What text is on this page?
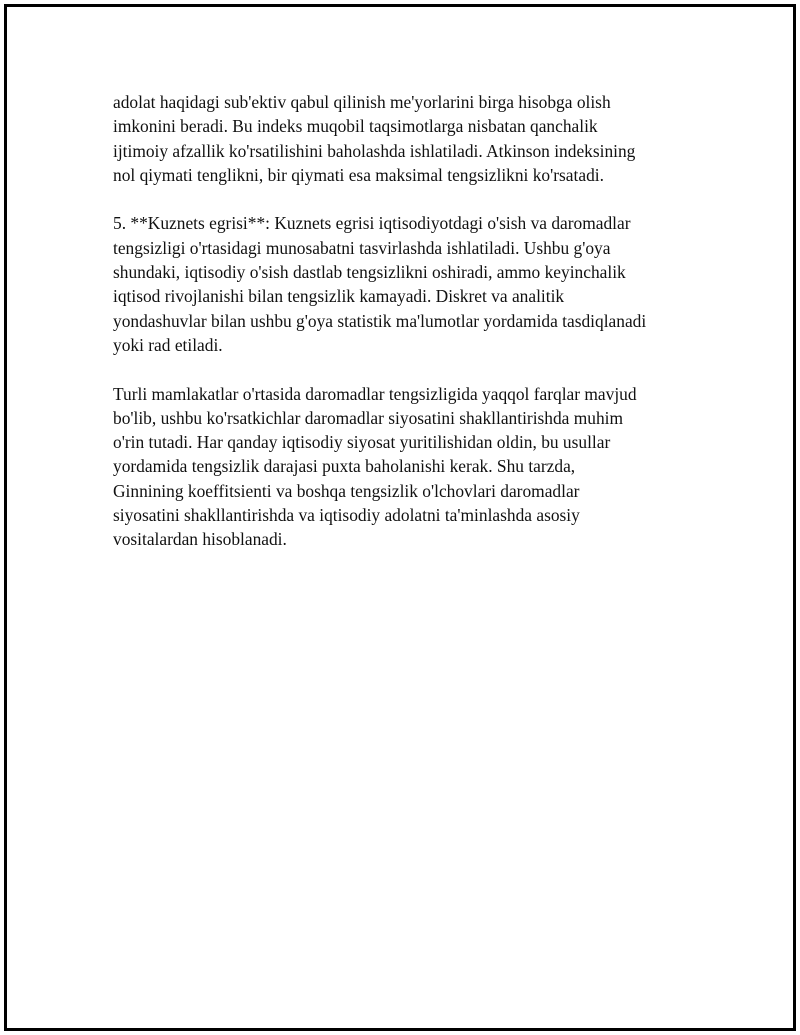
adolat haqidagi sub'ektiv qabul qilinish me'yorlarini birga hisobga olish
imkonini beradi. Bu indeks muqobil taqsimotlarga nisbatan qanchalik
ijtimoiy afzallik ko'rsatilishini baholashda ishlatiladi. Atkinson indeksining
nol qiymati tenglikni, bir qiymati esa maksimal tengsizlikni ko'rsatadi.

5. **Kuznets egrisi**: Kuznets egrisi iqtisodiyotdagi o'sish va daromadlar
tengsizligi o'rtasidagi munosabatni tasvirlashda ishlatiladi. Ushbu g'oya
shundaki, iqtisodiy o'sish dastlab tengsizlikni oshiradi, ammo keyinchalik
iqtisod rivojlanishi bilan tengsizlik kamayadi. Diskret va analitik
yondashuvlar bilan ushbu g'oya statistik ma'lumotlar yordamida tasdiqlanadi
yoki rad etiladi.

Turli mamlakatlar o'rtasida daromadlar tengsizligida yaqqol farqlar mavjud
bo'lib, ushbu ko'rsatkichlar daromadlar siyosatini shakllantirishda muhim
o'rin tutadi. Har qanday iqtisodiy siyosat yuritilishidan oldin, bu usullar
yordamida tengsizlik darajasi puxta baholanishi kerak. Shu tarzda,
Ginnining koeffitsienti va boshqa tengsizlik o'lchovlari daromadlar
siyosatini shakllantirishda va iqtisodiy adolatni ta'minlashda asosiy
vositalardan hisoblanadi.
